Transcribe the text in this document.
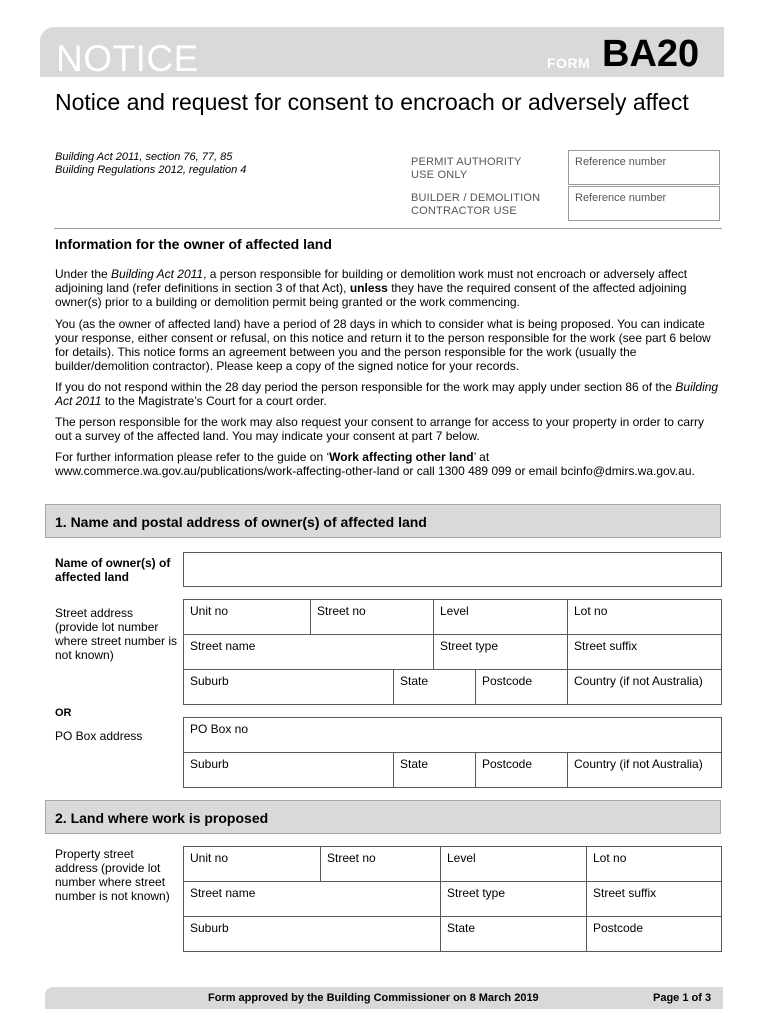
NOTICE	FORM BA20
Notice and request for consent to encroach or adversely affect
Building Act 2011, section 76, 77, 85
Building Regulations 2012, regulation 4
PERMIT AUTHORITY
USE ONLY
Reference number
BUILDER / DEMOLITION
CONTRACTOR USE
Reference number
Information for the owner of affected land
Under the Building Act 2011, a person responsible for building or demolition work must not encroach or adversely affect adjoining land (refer definitions in section 3 of that Act), unless they have the required consent of the affected adjoining owner(s) prior to a building or demolition permit being granted or the work commencing.
You (as the owner of affected land) have a period of 28 days in which to consider what is being proposed. You can indicate your response, either consent or refusal, on this notice and return it to the person responsible for the work (see part 6 below for details). This notice forms an agreement between you and the person responsible for the work (usually the builder/demolition contractor). Please keep a copy of the signed notice for your records.
If you do not respond within the 28 day period the person responsible for the work may apply under section 86 of the Building Act 2011 to the Magistrate’s Court for a court order.
The person responsible for the work may also request your consent to arrange for access to your property in order to carry out a survey of the affected land. You may indicate your consent at part 7 below.
For further information please refer to the guide on ‘Work affecting other land’ at www.commerce.wa.gov.au/publications/work-affecting-other-land or call 1300 489 099 or email bcinfo@dmirs.wa.gov.au.
1. Name and postal address of owner(s) of affected land
Name of owner(s) of affected land
Street address (provide lot number where street number is not known)
Unit no	Street no	Level	Lot no
Street name	Street type	Street suffix
Suburb	State	Postcode	Country (if not Australia)
OR
PO Box address	PO Box no
Suburb	State	Postcode	Country (if not Australia)
2. Land where work is proposed
Property street address (provide lot number where street number is not known)
Unit no	Street no	Level	Lot no
Street name	Street type	Street suffix
Suburb	State	Postcode
Form approved by the Building Commissioner on 8 March 2019	Page 1 of 3
